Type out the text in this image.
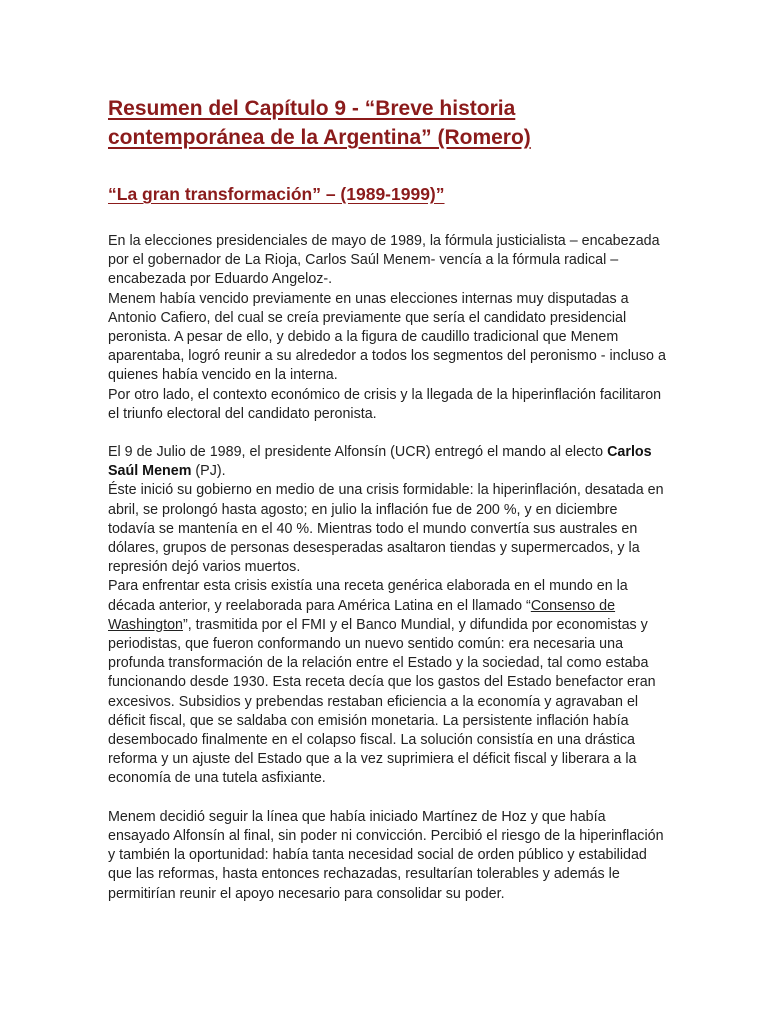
Resumen del Capítulo 9 - “Breve historia contemporánea de la Argentina” (Romero)
“La gran transformación” – (1989-1999)”

En la elecciones presidenciales de mayo de 1989, la fórmula justicialista – encabezada por el gobernador de La Rioja, Carlos Saúl Menem- vencía a la fórmula radical – encabezada por Eduardo Angeloz-.

Menem había vencido previamente en unas elecciones internas muy disputadas a Antonio Cafiero, del cual se creía previamente que sería el candidato presidencial peronista. A pesar de ello, y debido a la figura de caudillo tradicional que Menem aparentaba, logró reunir a su alrededor a todos los segmentos del peronismo - incluso a quienes había vencido en la interna.

Por otro lado, el contexto económico de crisis y la llegada de la hiperinflación facilitaron el triunfo electoral del candidato peronista.

El 9 de Julio de 1989, el presidente Alfonsín (UCR) entregó el mando al electo Carlos Saúl Menem (PJ).

Éste inició su gobierno en medio de una crisis formidable: la hiperinflación, desatada en abril, se prolongó hasta agosto; en julio la inflación fue de 200 %, y en diciembre todavía se mantenía en el 40 %. Mientras todo el mundo convertía sus australes en dólares, grupos de personas desesperadas asaltaron tiendas y supermercados, y la represión dejó varios muertos.

Para enfrentar esta crisis existía una receta genérica elaborada en el mundo en la década anterior, y reelaborada para América Latina en el llamado “Consenso de Washington”, trasmitida por el FMI y el Banco Mundial, y difundida por economistas y periodistas, que fueron conformando un nuevo sentido común: era necesaria una profunda transformación de la relación entre el Estado y la sociedad, tal como estaba funcionando desde 1930. Esta receta decía que los gastos del Estado benefactor eran excesivos. Subsidios y prebendas restaban eficiencia a la economía y agravaban el déficit fiscal, que se saldaba con emisión monetaria. La persistente inflación había desembocado finalmente en el colapso fiscal. La solución consistía en una drástica reforma y un ajuste del Estado que a la vez suprimiera el déficit fiscal y liberara a la economía de una tutela asfixiante.

Menem decidió seguir la línea que había iniciado Martínez de Hoz y que había ensayado Alfonsín al final, sin poder ni convicción. Percibió el riesgo de la hiperinflación y también la oportunidad: había tanta necesidad social de orden público y estabilidad que las reformas, hasta entonces rechazadas, resultarían tolerables y además le permitirían reunir el apoyo necesario para consolidar su poder.
